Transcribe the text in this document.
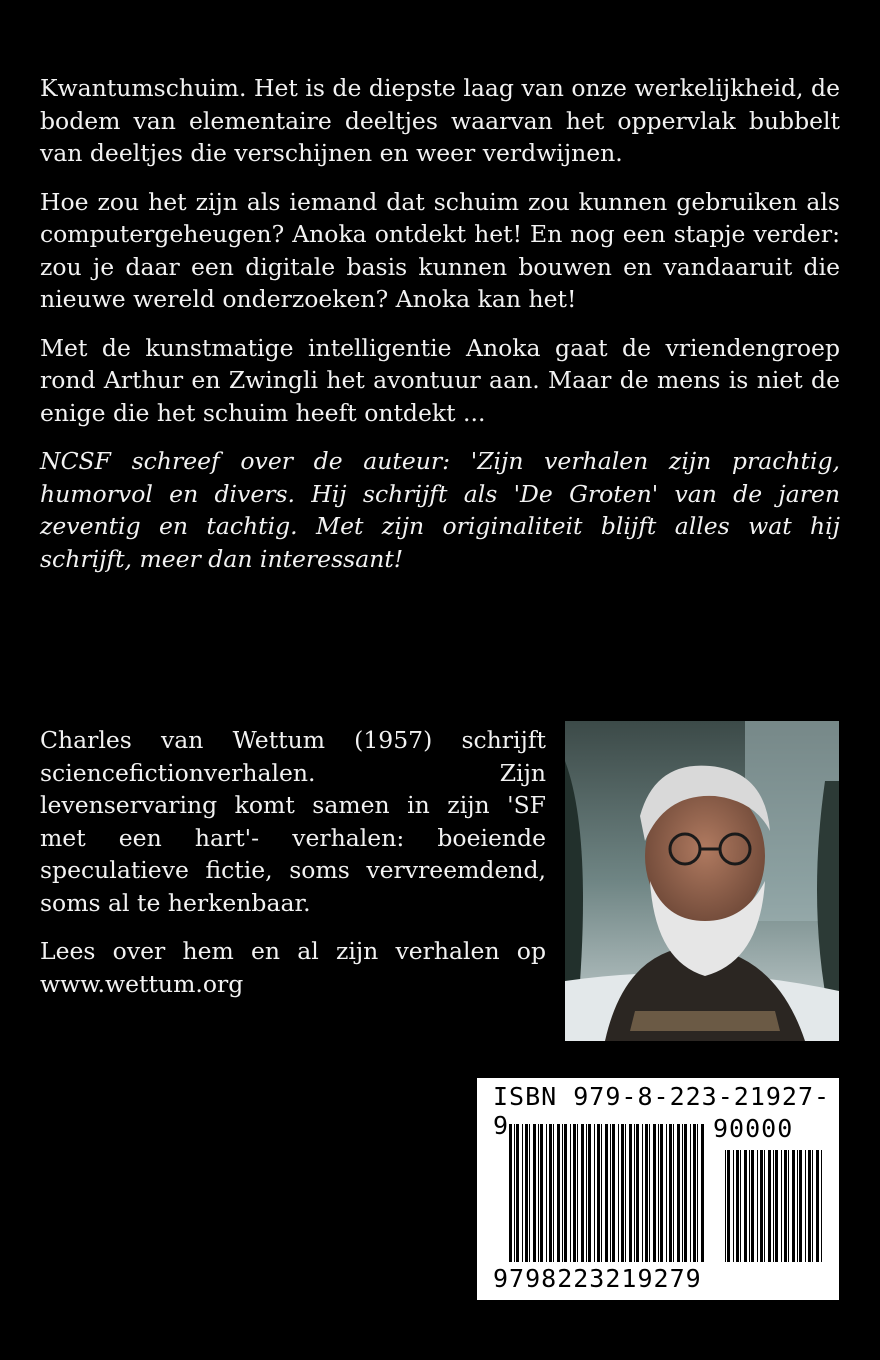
Kwantumschuim. Het is de diepste laag van onze werkelijkheid, de bodem van elementaire deeltjes waarvan het oppervlak bubbelt van deeltjes die verschijnen en weer verdwijnen.

Hoe zou het zijn als iemand dat schuim zou kunnen gebruiken als computergeheugen? Anoka ontdekt het! En nog een stapje verder: zou je daar een digitale basis kunnen bouwen en vandaaruit die nieuwe wereld onderzoeken? Anoka kan het!

Met de kunstmatige intelligentie Anoka gaat de vriendengroep rond Arthur en Zwingli het avontuur aan. Maar de mens is niet de enige die het schuim heeft ontdekt ...

NCSF schreef over de auteur: 'Zijn verhalen zijn prachtig, humorvol en divers. Hij schrijft als 'De Groten' van de jaren zeventig en tachtig. Met zijn originaliteit blijft alles wat hij schrijft, meer dan interessant!

Charles van Wettum (1957) schrijft sciencefictionverhalen. Zijn levenservaring komt samen in zijn 'SF met een hart'- verhalen: boeiende speculatieve fictie, soms vervreemdend, soms al te herkenbaar.

Lees over hem en al zijn verhalen op www.wettum.org

ISBN 979-8-223-21927-9	90000
9798223219279
